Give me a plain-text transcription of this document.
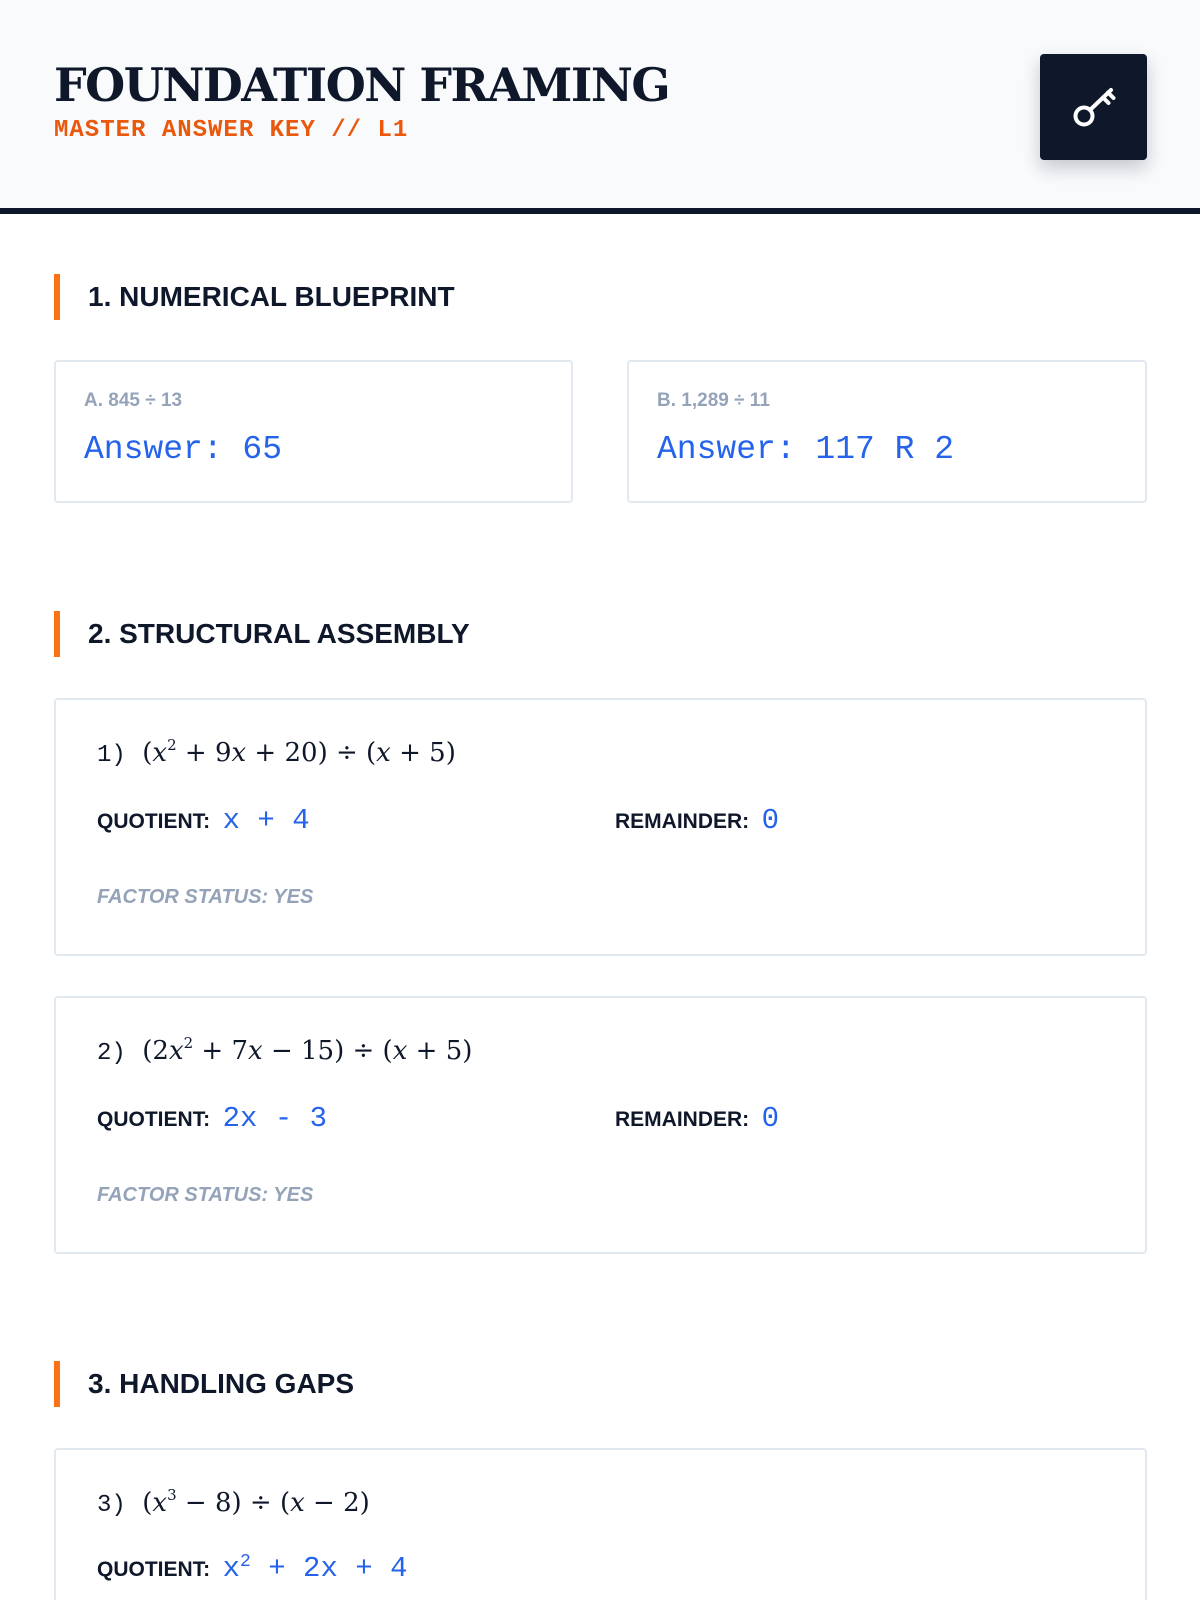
FOUNDATION FRAMING
MASTER ANSWER KEY // L1
1. NUMERICAL BLUEPRINT
A. 845 ÷ 13
Answer: 65
B. 1,289 ÷ 11
Answer: 117 R 2
2. STRUCTURAL ASSEMBLY
1) $(x^2 + 9x + 20) \div (x + 5)$
QUOTIENT: x + 4	REMAINDER: 0
FACTOR STATUS: YES
2) $(2x^2 + 7x - 15) \div (x + 5)$
QUOTIENT: 2x - 3	REMAINDER: 0
FACTOR STATUS: YES
3. HANDLING GAPS
3) $(x^3 - 8) \div (x - 2)$
QUOTIENT: $x^2 + 2x + 4$
